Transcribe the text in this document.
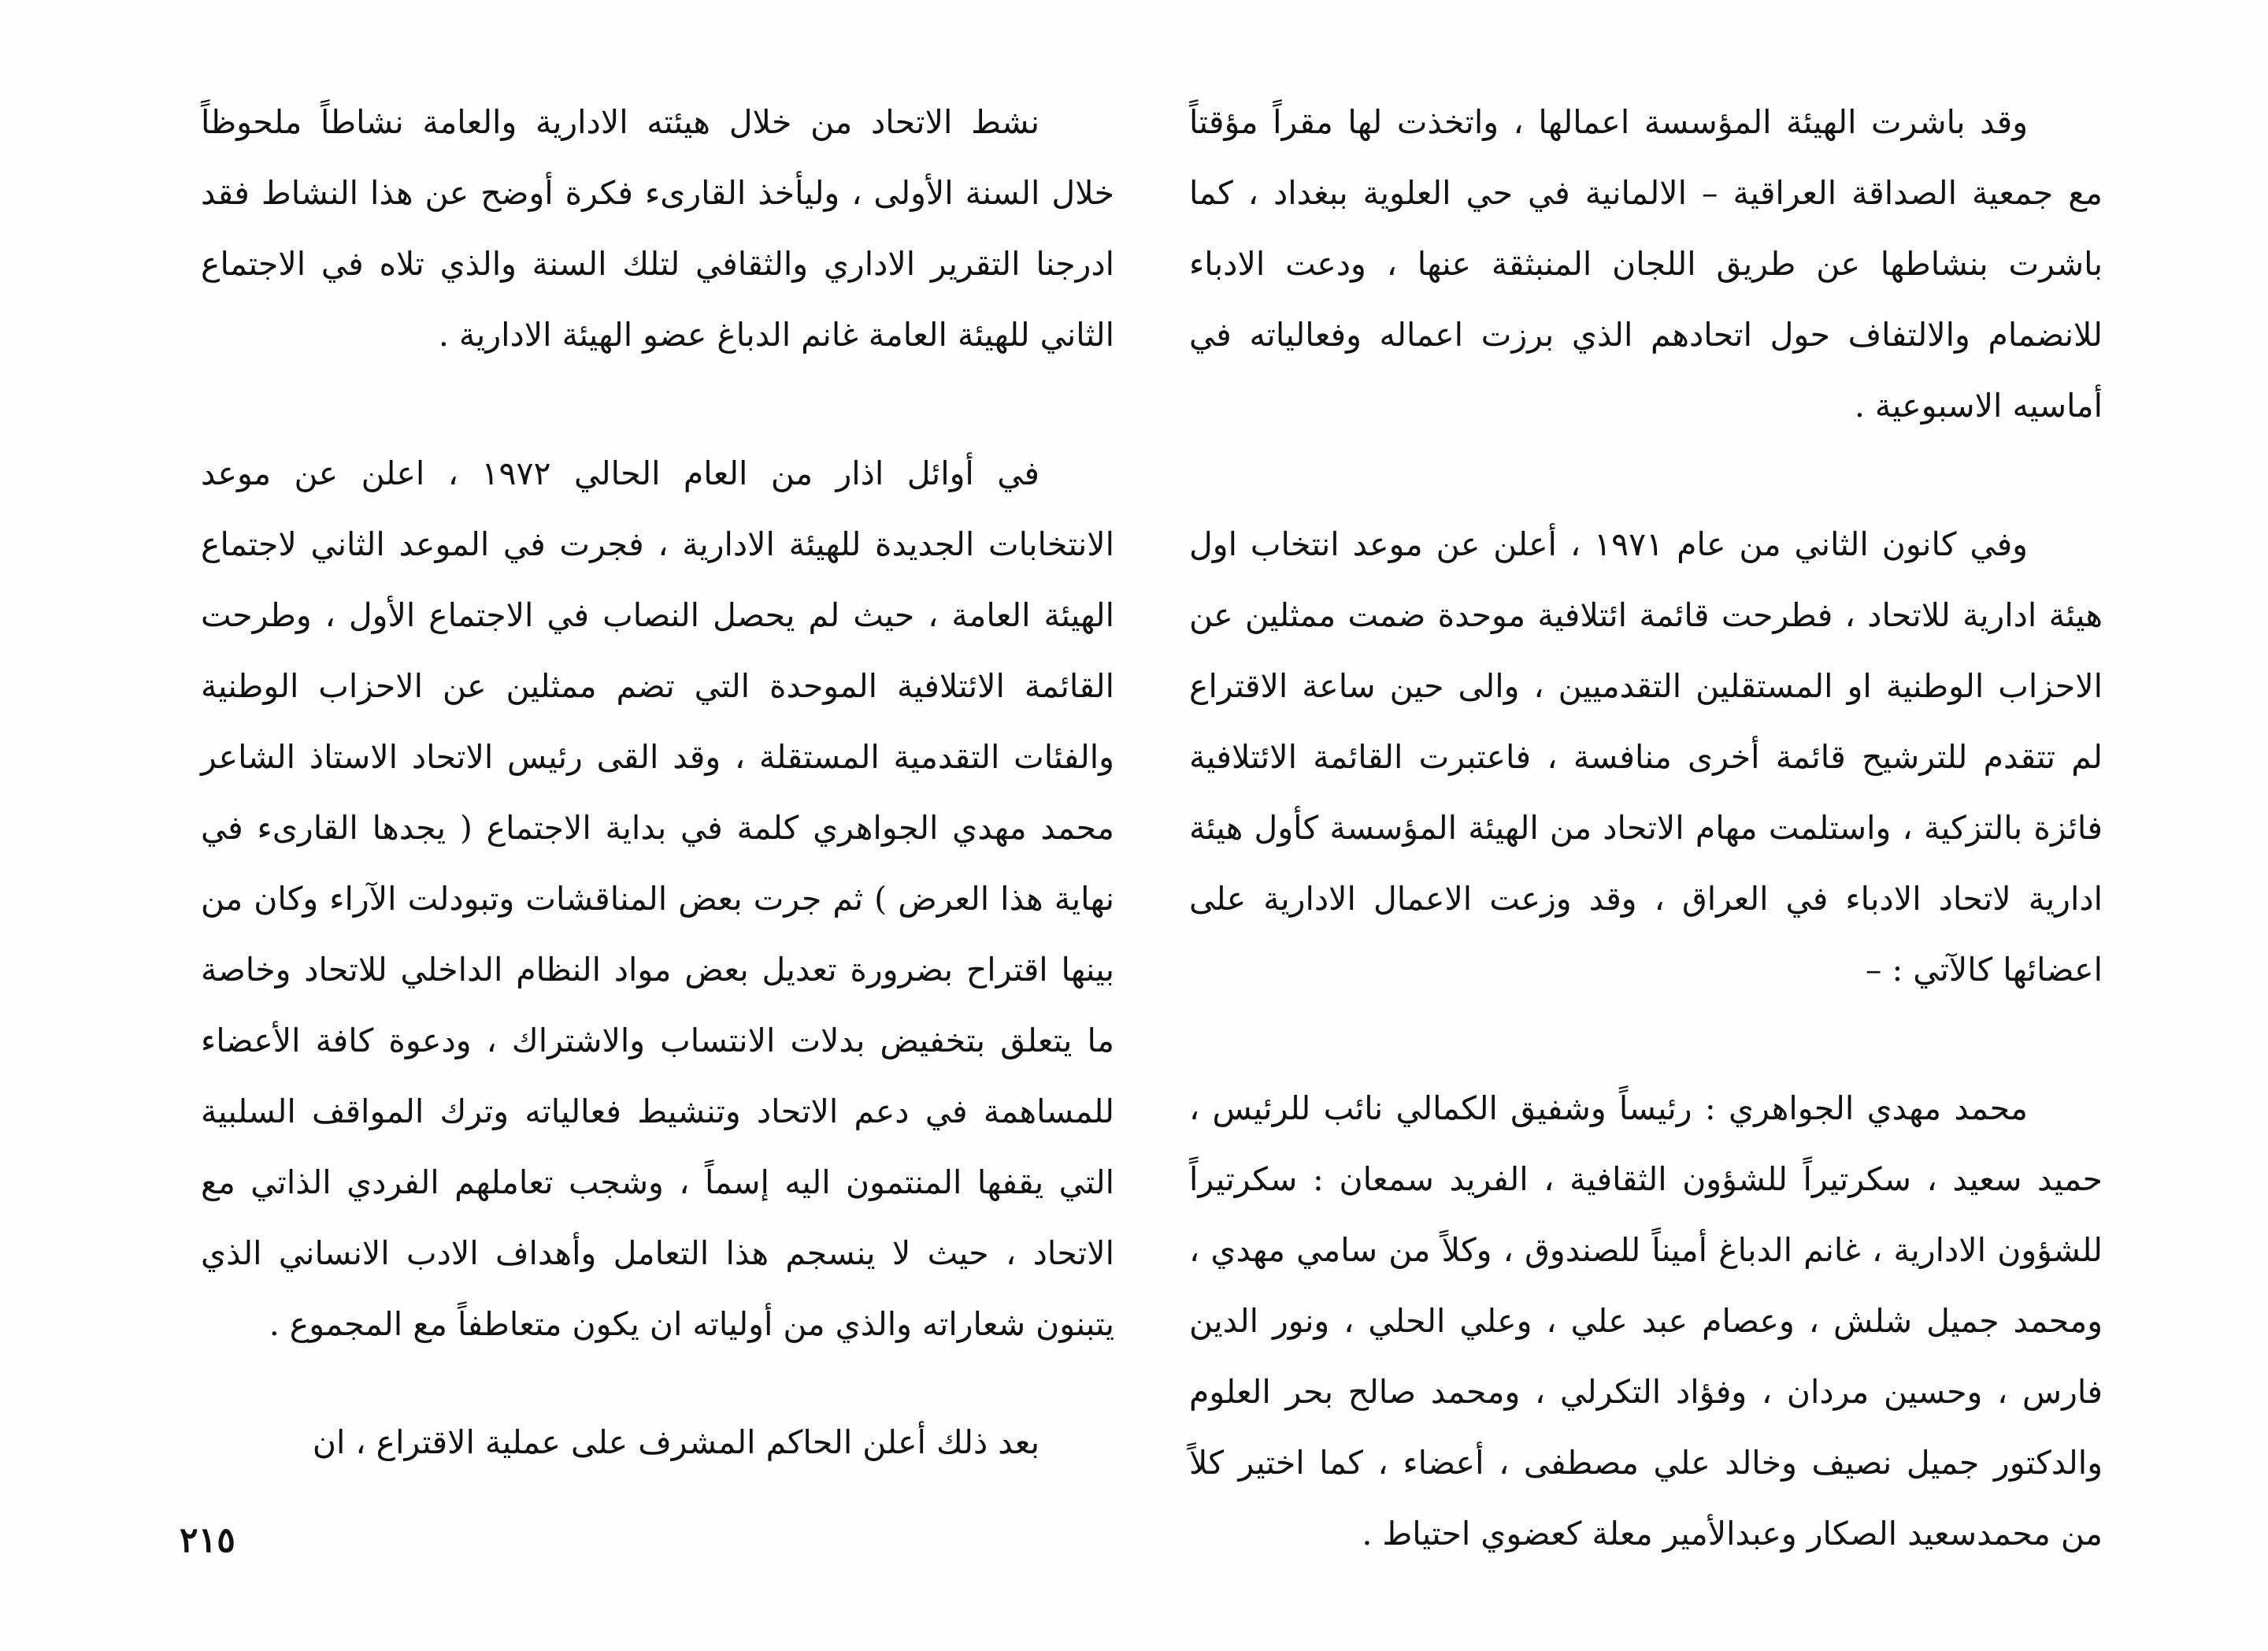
وقد باشرت الهيئة المؤسسة اعمالها ، واتخذت لها مقراً مؤقتاً مع جمعية الصداقة العراقية – الالمانية في حي العلوية ببغداد ، كما باشرت بنشاطها عن طريق اللجان المنبثقة عنها ، ودعت الادباء للانضمام والالتفاف حول اتحادهم الذي برزت اعماله وفعالياته في أماسيه الاسبوعية .

وفي كانون الثاني من عام ١٩٧١ ، أعلن عن موعد انتخاب اول هيئة ادارية للاتحاد ، فطرحت قائمة ائتلافية موحدة ضمت ممثلين عن الاحزاب الوطنية او المستقلين التقدميين ، والى حين ساعة الاقتراع لم تتقدم للترشيح قائمة أخرى منافسة ، فاعتبرت القائمة الائتلافية فائزة بالتزكية ، واستلمت مهام الاتحاد من الهيئة المؤسسة كأول هيئة ادارية لاتحاد الادباء في العراق ، وقد وزعت الاعمال الادارية على اعضائها كالآتي : –

محمد مهدي الجواهري : رئيساً وشفيق الكمالي نائب للرئيس ، حميد سعيد ، سكرتيراً للشؤون الثقافية ، الفريد سمعان : سكرتيراً للشؤون الادارية ، غانم الدباغ أميناً للصندوق ، وكلاً من سامي مهدي ، ومحمد جميل شلش ، وعصام عبد علي ، وعلي الحلي ، ونور الدين فارس ، وحسين مردان ، وفؤاد التكرلي ، ومحمد صالح بحر العلوم والدكتور جميل نصيف وخالد علي مصطفى ، أعضاء ، كما اختير كلاً من محمدسعيد الصكار وعبدالأمير معلة كعضوي احتياط .

نشط الاتحاد من خلال هيئته الادارية والعامة نشاطاً ملحوظاً خلال السنة الأولى ، وليأخذ القارىء فكرة أوضح عن هذا النشاط فقد ادرجنا التقرير الاداري والثقافي لتلك السنة والذي تلاه في الاجتماع الثاني للهيئة العامة غانم الدباغ عضو الهيئة الادارية .

في أوائل اذار من العام الحالي ١٩٧٢ ، اعلن عن موعد الانتخابات الجديدة للهيئة الادارية ، فجرت في الموعد الثاني لاجتماع الهيئة العامة ، حيث لم يحصل النصاب في الاجتماع الأول ، وطرحت القائمة الائتلافية الموحدة التي تضم ممثلين عن الاحزاب الوطنية والفئات التقدمية المستقلة ، وقد القى رئيس الاتحاد الاستاذ الشاعر محمد مهدي الجواهري كلمة في بداية الاجتماع ( يجدها القارىء في نهاية هذا العرض ) ثم جرت بعض المناقشات وتبودلت الآراء وكان من بينها اقتراح بضرورة تعديل بعض مواد النظام الداخلي للاتحاد وخاصة ما يتعلق بتخفيض بدلات الانتساب والاشتراك ، ودعوة كافة الأعضاء للمساهمة في دعم الاتحاد وتنشيط فعالياته وترك المواقف السلبية التي يقفها المنتمون اليه إسماً ، وشجب تعاملهم الفردي الذاتي مع الاتحاد ، حيث لا ينسجم هذا التعامل وأهداف الادب الانساني الذي يتبنون شعاراته والذي من أولياته ان يكون متعاطفاً مع المجموع .

بعد ذلك أعلن الحاكم المشرف على عملية الاقتراع ، ان

٢١٥
